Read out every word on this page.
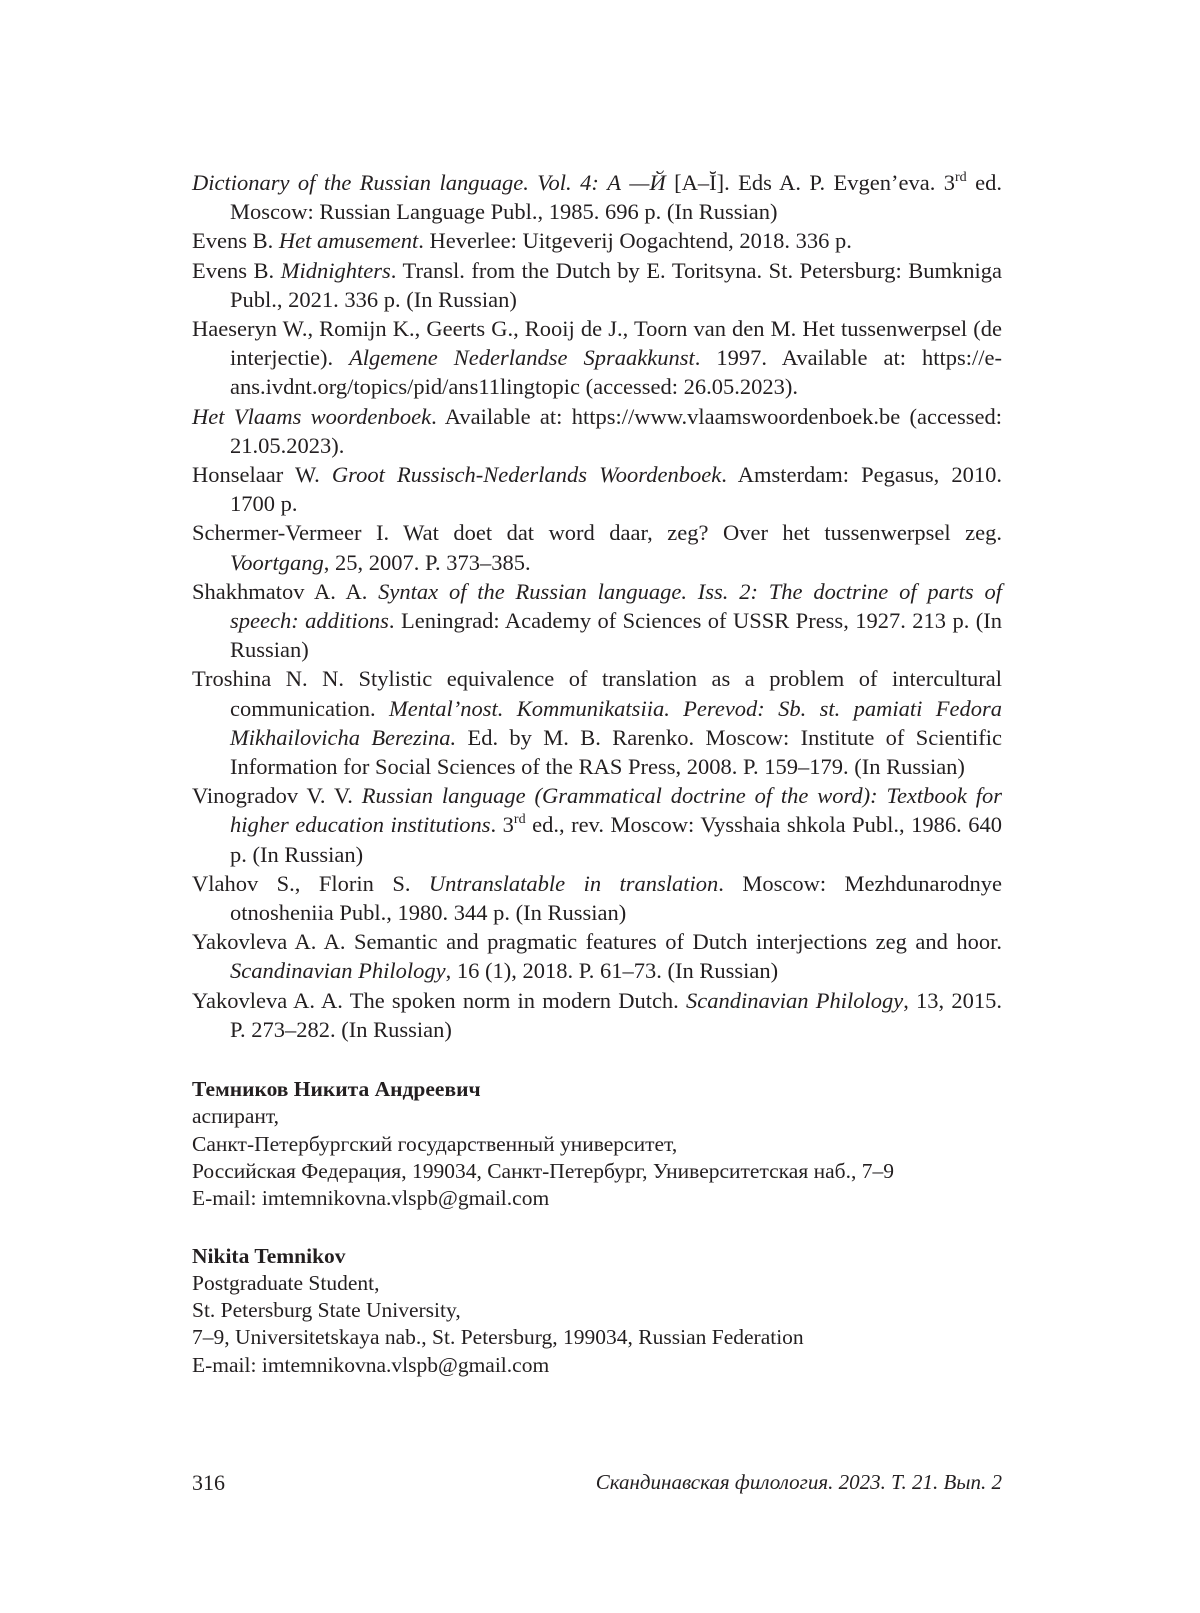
Dictionary of the Russian language. Vol. 4: А —Й [A–Ĭ]. Eds A. P. Evgen’eva. 3rd ed. Moscow: Russian Language Publ., 1985. 696 p. (In Russian)

Evens B. Het amusement. Heverlee: Uitgeverij Oogachtend, 2018. 336 p.

Evens B. Midnighters. Transl. from the Dutch by E. Toritsyna. St. Petersburg: Bumkniga Publ., 2021. 336 p. (In Russian)

Haeseryn W., Romijn K., Geerts G., Rooij de J., Toorn van den M. Het tussenwerpsel (de interjectie). Algemene Nederlandse Spraakkunst. 1997. Available at: https://e-ans.ivdnt.org/topics/pid/ans11lingtopic (accessed: 26.05.2023).

Het Vlaams woordenboek. Available at: https://www.vlaamswoordenboek.be (accessed: 21.05.2023).

Honselaar W. Groot Russisch-Nederlands Woordenboek. Amsterdam: Pegasus, 2010. 1700 p.

Schermer-Vermeer I. Wat doet dat word daar, zeg? Over het tussenwerpsel zeg. Voortgang, 25, 2007. P. 373–385.

Shakhmatov A. A. Syntax of the Russian language. Iss. 2: The doctrine of parts of speech: additions. Leningrad: Academy of Sciences of USSR Press, 1927. 213 p. (In Russian)

Troshina N. N. Stylistic equivalence of translation as a problem of intercultural communication. Mental’nost. Kommunikatsiia. Perevod: Sb. st. pamiati Fedora Mikhailovicha Berezina. Ed. by M. B. Rarenko. Moscow: Institute of Scientific Information for Social Sciences of the RAS Press, 2008. P. 159–179. (In Russian)

Vinogradov V. V. Russian language (Grammatical doctrine of the word): Textbook for higher education institutions. 3rd ed., rev. Moscow: Vysshaia shkola Publ., 1986. 640 p. (In Russian)

Vlahov S., Florin S. Untranslatable in translation. Moscow: Mezhdunarodnye otnosheniia Publ., 1980. 344 p. (In Russian)

Yakovleva A. A. Semantic and pragmatic features of Dutch interjections zeg and hoor. Scandinavian Philology, 16 (1), 2018. P. 61–73. (In Russian)

Yakovleva A. A. The spoken norm in modern Dutch. Scandinavian Philology, 13, 2015. P. 273–282. (In Russian)

Темников Никита Андреевич
аспирант,
Санкт-Петербургский государственный университет,
Российская Федерация, 199034, Санкт-Петербург, Университетская наб., 7–9
E-mail: imtemnikovna.vlspb@gmail.com
Nikita Temnikov
Postgraduate Student,
St. Petersburg State University,
7–9, Universitetskaya nab., St. Petersburg, 199034, Russian Federation
E-mail: imtemnikovna.vlspb@gmail.com
316	Скандинавская филология. 2023. Т. 21. Вып. 2
